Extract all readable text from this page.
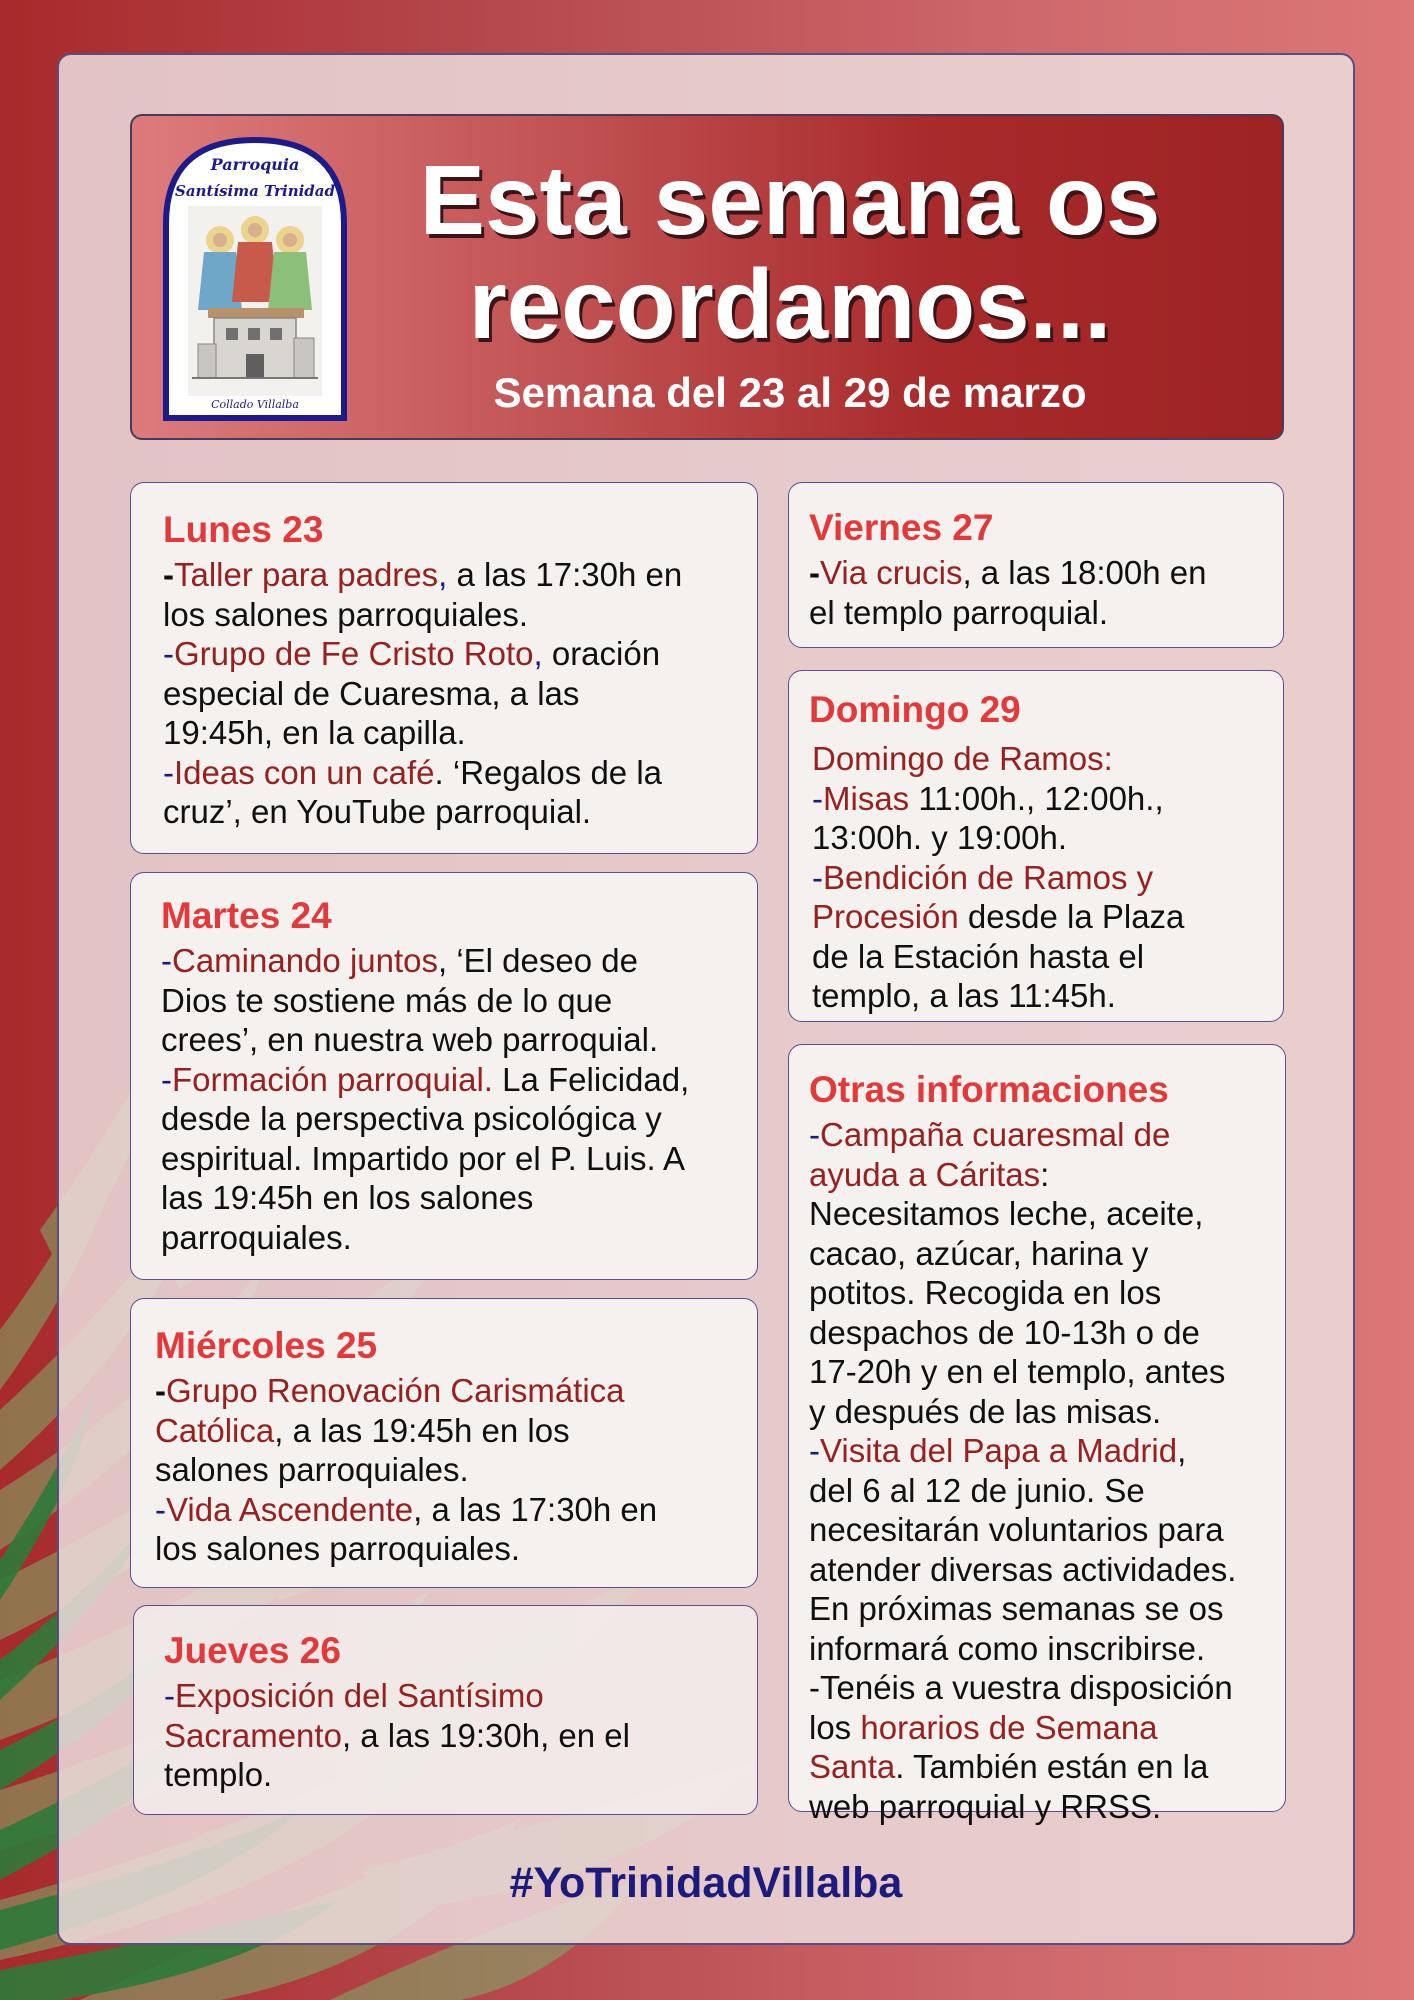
Parroquia
Santísima Trinidad
Collado Villalba
Esta semana os
recordamos...

Semana del 23 al 29 de marzo

Lunes 23

-Taller para padres, a las 17:30h en

los salones parroquiales.

-Grupo de Fe Cristo Roto, oración

especial de Cuaresma, a las

19:45h, en la capilla.

-Ideas con un café. ‘Regalos de la

cruz’, en YouTube parroquial.

Martes 24

-Caminando juntos, ‘El deseo de

Dios te sostiene más de lo que

crees’, en nuestra web parroquial.

-Formación parroquial. La Felicidad,

desde la perspectiva psicológica y

espiritual. Impartido por el P. Luis. A

las 19:45h en los salones

parroquiales.

Miércoles 25

-Grupo Renovación Carismática

Católica, a las 19:45h en los

salones parroquiales.

-Vida Ascendente, a las 17:30h en

los salones parroquiales.

Jueves 26

-Exposición del Santísimo

Sacramento, a las 19:30h, en el

templo.

Viernes 27

-Via crucis, a las 18:00h en

el templo parroquial.

Domingo 29

Domingo de Ramos:

-Misas 11:00h., 12:00h.,

13:00h. y 19:00h.

-Bendición de Ramos y

Procesión desde la Plaza

de la Estación hasta el

templo, a las 11:45h.

Otras informaciones

-Campaña cuaresmal de

ayuda a Cáritas:

Necesitamos leche, aceite,

cacao, azúcar, harina y

potitos. Recogida en los

despachos de 10-13h o de

17-20h y en el templo, antes

y después de las misas.

-Visita del Papa a Madrid,

del 6 al 12 de junio. Se

necesitarán voluntarios para

atender diversas actividades.

En próximas semanas se os

informará como inscribirse.

-Tenéis a vuestra disposición

los horarios de Semana

Santa. También están en la

web parroquial y RRSS.

#YoTrinidadVillalba
